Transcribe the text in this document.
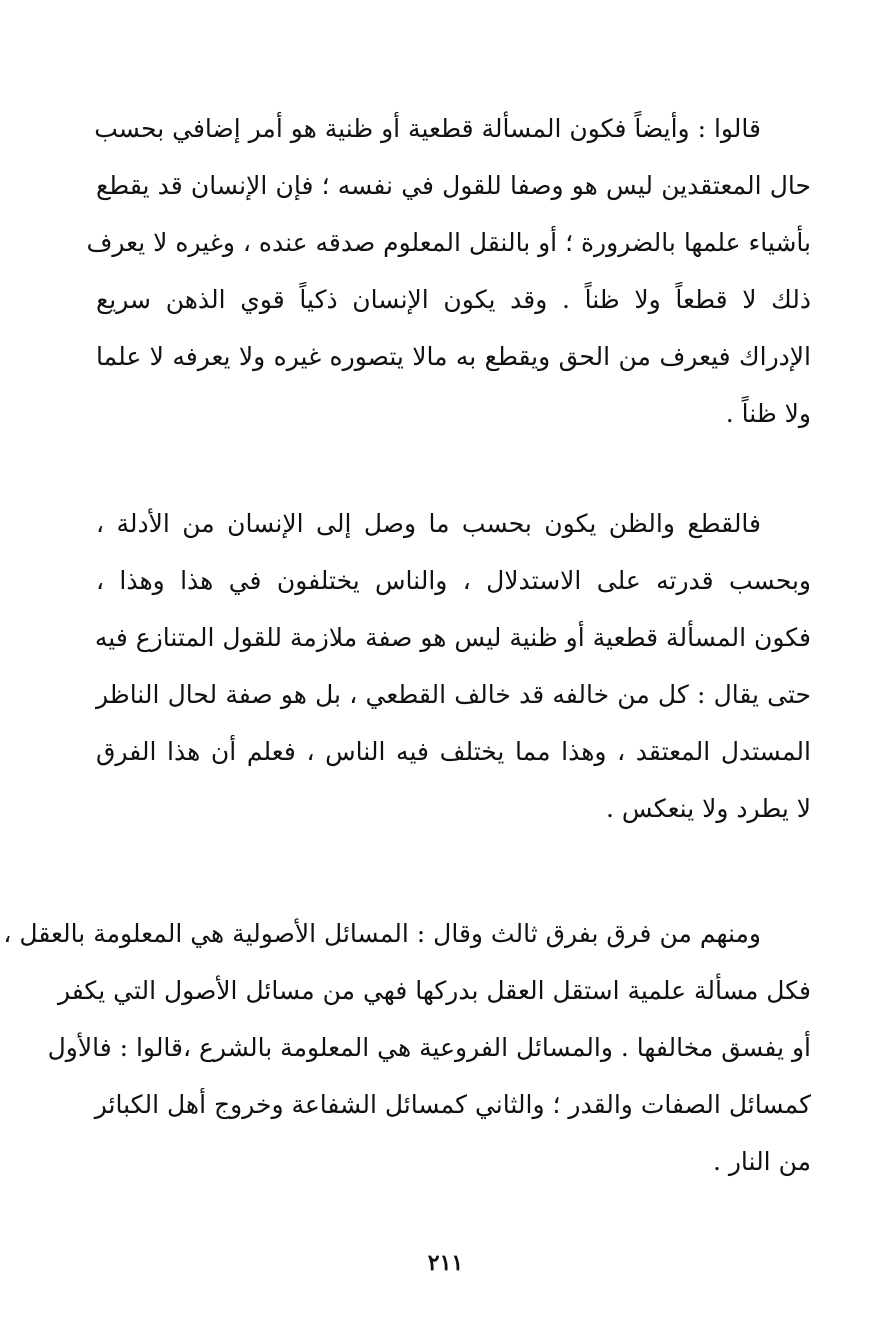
قالوا : وأيضاً فكون المسألة قطعية أو ظنية هو أمر إضافي بحسب
حال المعتقدين ليس هو وصفا للقول في نفسه ؛ فإن الإنسان قد يقطع
بأشياء علمها بالضرورة ؛ أو بالنقل المعلوم صدقه عنده ، وغيره لا يعرف
ذلك لا قطعاً ولا ظناً . وقد يكون الإنسان ذكياً قوي الذهن سريع
الإدراك فيعرف من الحق ويقطع به مالا يتصوره غيره ولا يعرفه لا علما
ولا ظناً .
فالقطع والظن يكون بحسب ما وصل إلى الإنسان من الأدلة ،
وبحسب قدرته على الاستدلال ، والناس يختلفون في هذا وهذا ،
فكون المسألة قطعية أو ظنية ليس هو صفة ملازمة للقول المتنازع فيه
حتى يقال : كل من خالفه قد خالف القطعي ، بل هو صفة لحال الناظر
المستدل المعتقد ، وهذا مما يختلف فيه الناس ، فعلم أن هذا الفرق
لا يطرد ولا ينعكس .
ومنهم من فرق بفرق ثالث وقال : المسائل الأصولية هي المعلومة بالعقل ،
فكل مسألة علمية استقل العقل بدركها فهي من مسائل الأصول التي يكفر
أو يفسق مخالفها . والمسائل الفروعية هي المعلومة بالشرع ،قالوا : فالأول
كمسائل الصفات والقدر ؛ والثاني كمسائل الشفاعة وخروج أهل الكبائر
من النار .
٢١١
